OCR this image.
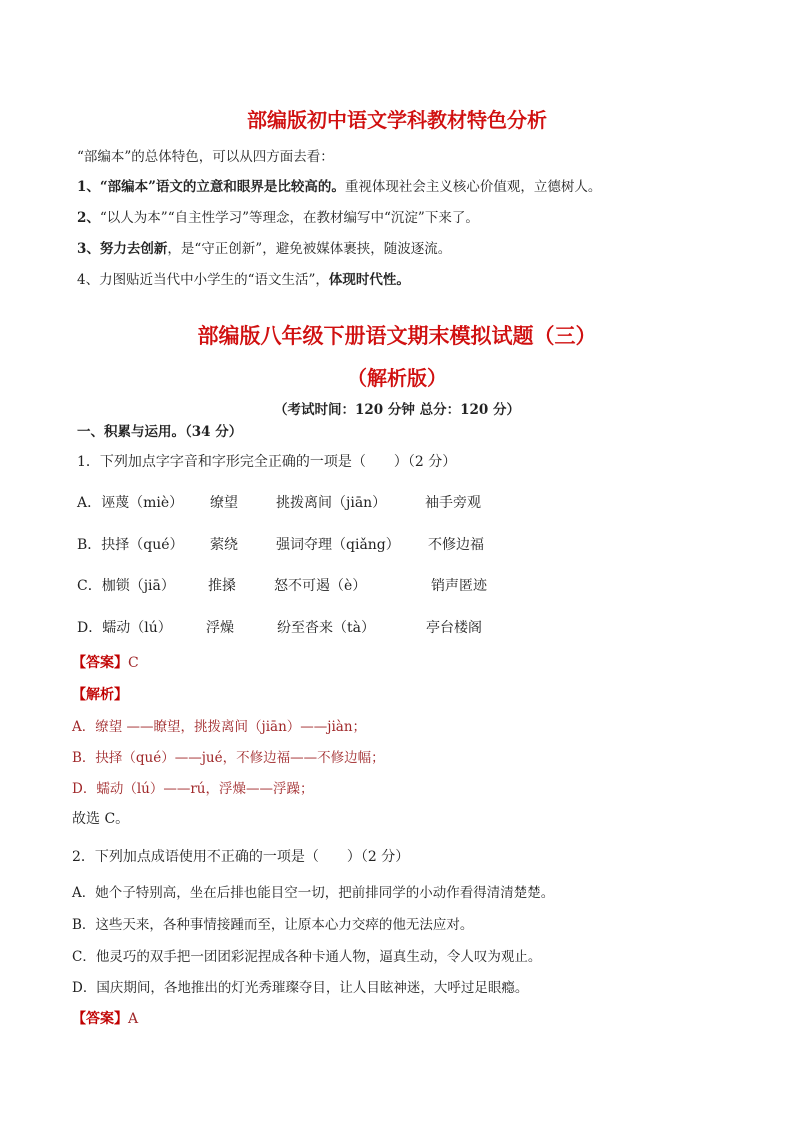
部编版初中语文学科教材特色分析
“部编本”的总体特色，可以从四方面去看：
1、“部编本”语文的立意和眼界是比较高的。重视体现社会主义核心价值观，立德树人。
2、“以人为本”“自主性学习”等理念，在教材编写中“沉淀”下来了。
3、努力去创新，是“守正创新”，避免被媒体裹挟，随波逐流。
4、力图贴近当代中小学生的“语文生活”，体现时代性。
部编版八年级下册语文期末模拟试题（三）
（解析版）
（考试时间：120 分钟 总分：120 分）
一、积累与运用。（34 分）
1．下列加点字字音和字形完全正确的一项是（　　）（2 分）
A．诬蔑（miè） 缭望	挑拨离间（jiān）	袖手旁观
B．抉择（qué） 萦绕	强词夺理（qiǎng） 不修边福
C．枷锁（jiā） 推搡	怒不可遏（è）	销声匿迹
D．蠕动（lú） 浮燥	纷至沓来（tà）	亭台楼阁
【答案】C
【解析】
A．缭望 ——瞭望，挑拨离间（jiān）——jiàn；
B．抉择（qué）——jué，不修边福——不修边幅；
D．蠕动（lú）——rú，浮燥——浮躁；
故选 C。
2．下列加点成语使用不正确的一项是（　　）（2 分）
A．她个子特别高，坐在后排也能目空一切，把前排同学的小动作看得清清楚楚。
B．这些天来，各种事情接踵而至，让原本心力交瘁的他无法应对。
C．他灵巧的双手把一团团彩泥捏成各种卡通人物，逼真生动，令人叹为观止。
D．国庆期间，各地推出的灯光秀璀璨夺目，让人目眩神迷，大呼过足眼瘾。
【答案】A
